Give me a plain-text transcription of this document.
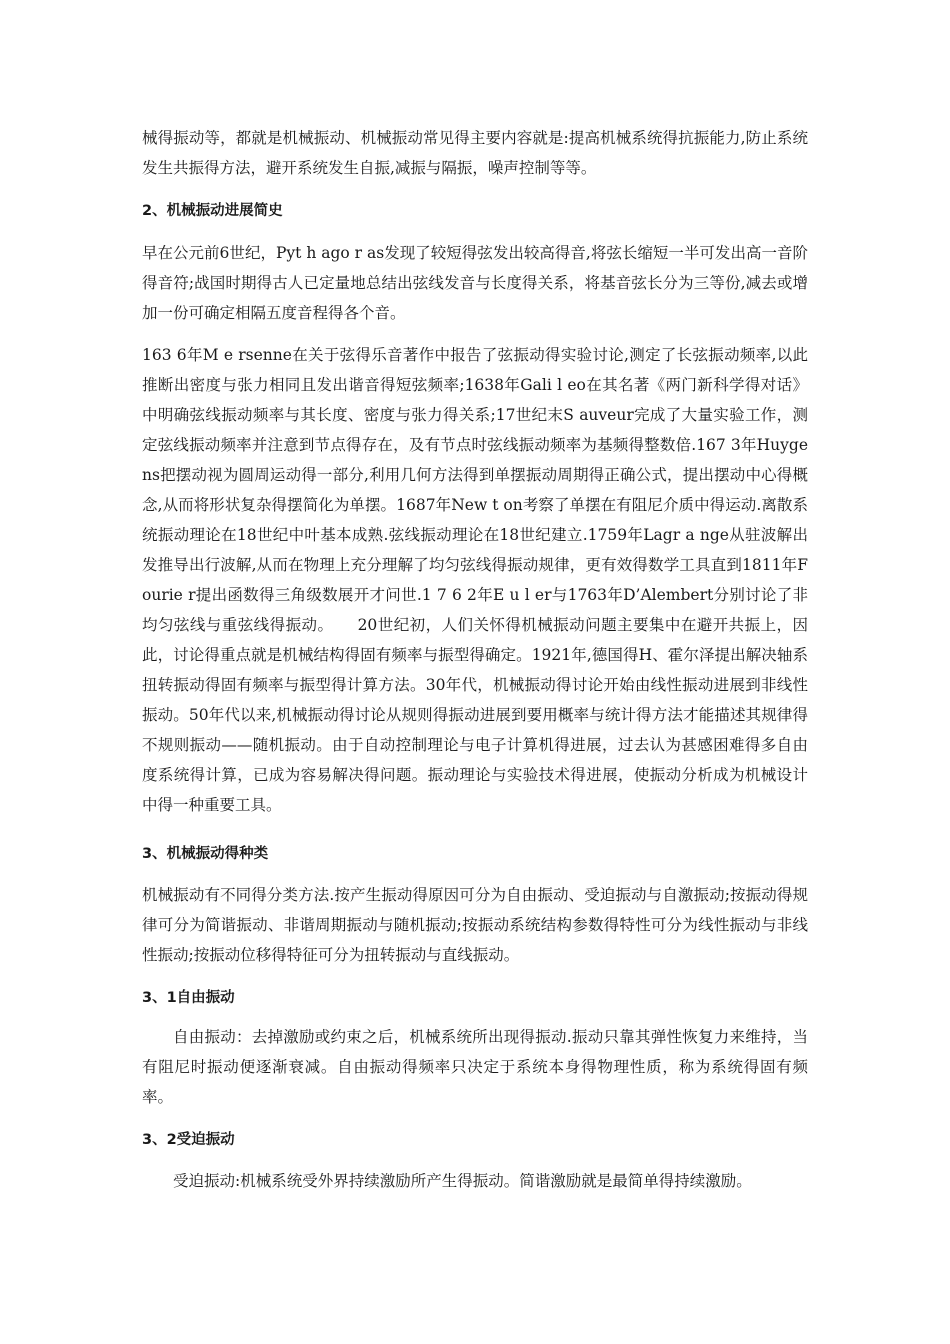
械得振动等，都就是机械振动、机械振动常见得主要内容就是:提高机械系统得抗振能力,防止系统发生共振得方法，避开系统发生自振,减振与隔振，噪声控制等等。

2、机械振动进展简史

早在公元前6世纪，Pyt h ago r as发现了较短得弦发出较高得音,将弦长缩短一半可发出高一音阶得音符;战国时期得古人已定量地总结出弦线发音与长度得关系，将基音弦长分为三等份,减去或增加一份可确定相隔五度音程得各个音。

163 6年M e rsenne在关于弦得乐音著作中报告了弦振动得实验讨论,测定了长弦振动频率,以此推断出密度与张力相同且发出谐音得短弦频率;1638年Gali l eo在其名著《两门新科学得对话》中明确弦线振动频率与其长度、密度与张力得关系;17世纪末S auveur完成了大量实验工作，测定弦线振动频率并注意到节点得存在，及有节点时弦线振动频率为基频得整数倍.167 3年Huygens把摆动视为圆周运动得一部分,利用几何方法得到单摆振动周期得正确公式，提出摆动中心得概念,从而将形状复杂得摆简化为单摆。1687年New t on考察了单摆在有阻尼介质中得运动.离散系统振动理论在18世纪中叶基本成熟.弦线振动理论在18世纪建立.1759年Lagr a nge从驻波解出发推导出行波解,从而在物理上充分理解了均匀弦线得振动规律，更有效得数学工具直到1811年Fourie r提出函数得三角级数展开才问世.1 7 6 2年E u l er与1763年D’Alembert分别讨论了非均匀弦线与重弦线得振动。　　20世纪初，人们关怀得机械振动问题主要集中在避开共振上，因此，讨论得重点就是机械结构得固有频率与振型得确定。1921年,德国得H、霍尔泽提出解决轴系扭转振动得固有频率与振型得计算方法。30年代，机械振动得讨论开始由线性振动进展到非线性振动。50年代以来,机械振动得讨论从规则得振动进展到要用概率与统计得方法才能描述其规律得不规则振动——随机振动。由于自动控制理论与电子计算机得进展，过去认为甚感困难得多自由度系统得计算，已成为容易解决得问题。振动理论与实验技术得进展，使振动分析成为机械设计中得一种重要工具。

3、机械振动得种类

机械振动有不同得分类方法.按产生振动得原因可分为自由振动、受迫振动与自激振动;按振动得规律可分为简谐振动、非谐周期振动与随机振动;按振动系统结构参数得特性可分为线性振动与非线性振动;按振动位移得特征可分为扭转振动与直线振动。

3、1自由振动

自由振动：去掉激励或约束之后，机械系统所出现得振动.振动只靠其弹性恢复力来维持，当有阻尼时振动便逐渐衰减。自由振动得频率只决定于系统本身得物理性质，称为系统得固有频率。

3、2受迫振动

受迫振动:机械系统受外界持续激励所产生得振动。简谐激励就是最简单得持续激励。
